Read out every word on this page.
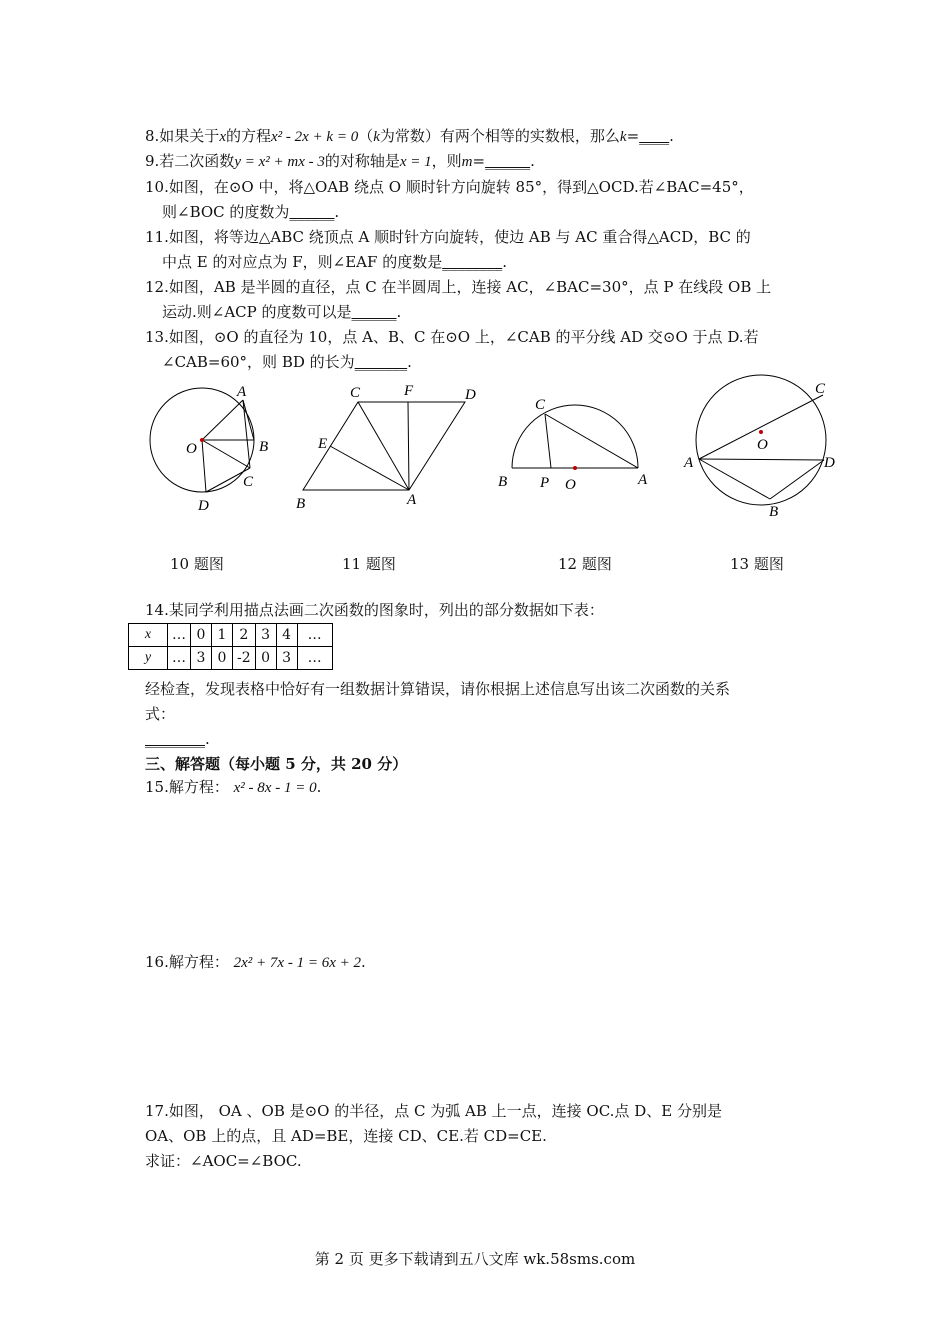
8.如果关于x的方程x² - 2x + k = 0（k为常数）有两个相等的实数根，那么k=____.
9.若二次函数y = x² + mx - 3的对称轴是x = 1，则m=______.
10.如图，在⊙O 中，将△OAB 绕点 O 顺时针方向旋转 85°，得到△OCD.若∠BAC=45°，
则∠BOC 的度数为______.
11.如图，将等边△ABC 绕顶点 A 顺时针方向旋转，使边 AB 与 AC 重合得△ACD，BC 的
中点 E 的对应点为 F，则∠EAF 的度数是________.
12.如图，AB 是半圆的直径，点 C 在半圆周上，连接 AC，∠BAC=30°，点 P 在线段 OB 上
运动.则∠ACP 的度数可以是______.
13.如图，⊙O 的直径为 10，点 A、B、C 在⊙O 上，∠CAB 的平分线 AD 交⊙O 于点 D.若
∠CAB=60°，则 BD 的长为_______.
A
B
C
D
O
C	F	D
E
B	A
C
B P O	A
C
O
A	D
B
10 题图	11 题图	12 题图	13 题图
14.某同学利用描点法画二次函数的图象时，列出的部分数据如下表：
x	…	0	1	2	3	4	…
y	…	3	0	-2	0	3	…
经检查，发现表格中恰好有一组数据计算错误，请你根据上述信息写出该二次函数的关系
式：
________.
三、解答题（每小题 5 分，共 20 分）
15.解方程： x² - 8x - 1 = 0.
16.解方程： 2x² + 7x - 1 = 6x + 2.
17.如图， OA 、OB 是⊙O 的半径，点 C 为弧 AB 上一点，连接 OC.点 D、E 分别是
OA、OB 上的点，且 AD=BE，连接 CD、CE.若 CD=CE.
求证：∠AOC=∠BOC.
第 2 页 更多下载请到五八文库 wk.58sms.com
